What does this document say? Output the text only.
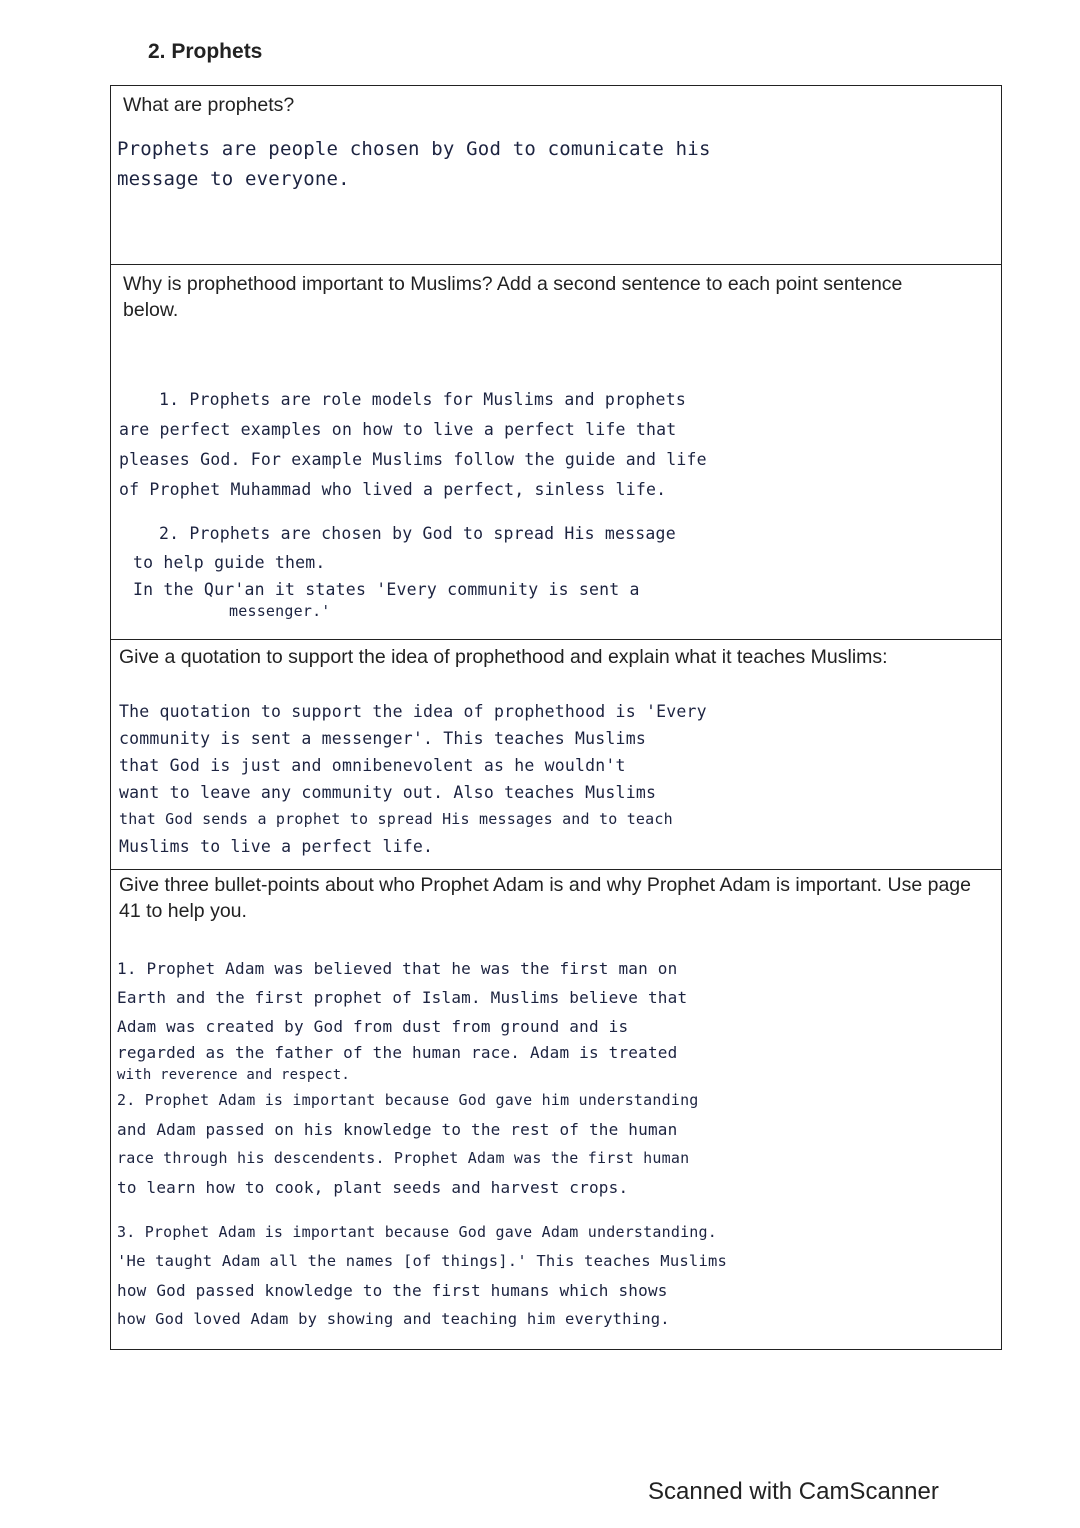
2. Prophets
What are prophets?
Prophets are people chosen by God to comunicate his
message to everyone.
Why is prophethood important to Muslims? Add a second sentence to each point sentence below.
1. Prophets are role models for Muslims and prophets
are perfect examples on how to live a perfect life that
pleases God. For example Muslims follow the guide and life
of Prophet Muhammad who lived a perfect, sinless life.
2. Prophets are chosen by God to spread His message
to help guide them.
In the Qur'an it states 'Every community is sent a
messenger.'
Give a quotation to support the idea of prophethood and explain what it teaches Muslims:
The quotation to support the idea of prophethood is 'Every
community is sent a messenger'. This teaches Muslims
that God is just and omnibenevolent as he wouldn't
want to leave any community out. Also teaches Muslims
that God sends a prophet to spread His messages and to teach
Muslims to live a perfect life.
Give three bullet-points about who Prophet Adam is and why Prophet Adam is important. Use page 41 to help you.
1. Prophet Adam was believed that he was the first man on
Earth and the first prophet of Islam. Muslims believe that
Adam was created by God from dust from ground and is
regarded as the father of the human race. Adam is treated
with reverence and respect.
2. Prophet Adam is important because God gave him understanding
and Adam passed on his knowledge to the rest of the human
race through his descendents. Prophet Adam was the first human
to learn how to cook, plant seeds and harvest crops.
3. Prophet Adam is important because God gave Adam understanding.
'He taught Adam all the names [of things].' This teaches Muslims
how God passed knowledge to the first humans which shows
how God loved Adam by showing and teaching him everything.
Scanned with CamScanner
